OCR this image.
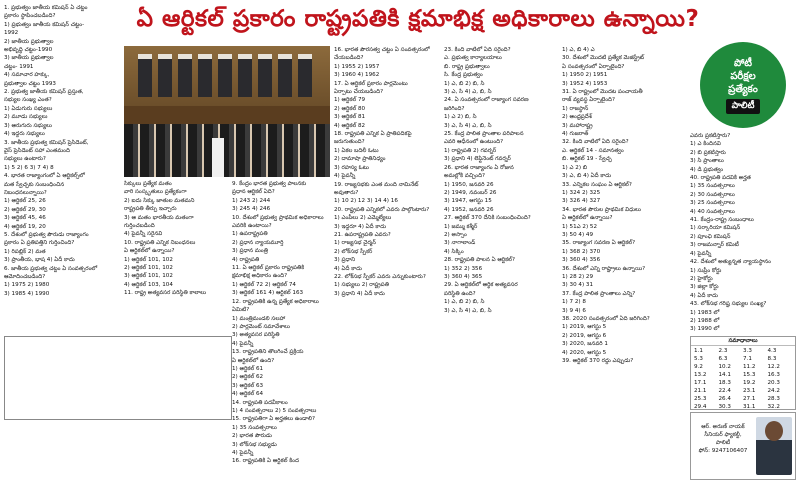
ఏ ఆర్టికల్ ప్రకారం రాష్ట్రపతికి క్షమాభిక్ష అధికారాలు ఉన్నాయి?
పోటీ
పరీక్షల
ప్రత్యేకం
పాలిటీ

1. ప్రభుత్వం జాతీయ కమిషన్ ఏ చట్టం

ప్రకారం స్థాపించబడింది?

1) ప్రభుత్వం జాతీయ కమిషన్ చట్టం-

1992

2) జాతీయ ప్రభుత్వాల

అభివృద్ధి చట్టం-1990

3) జాతీయ ప్రభుత్వాల

చట్టం- 1991

4) సమాచార హక్కు,

ప్రభుత్వాల చట్టం 1993

2. ప్రభుత్వ జాతీయ కమిషన్ ప్రస్తుత,

సభ్యుల సంఖ్య ఎంత?

1) ఏడుగురు సభ్యులు

2) మూడు సభ్యులు

3) ఆరుగురు సభ్యులు

4) ఇద్దరు సభ్యులు

3. జాతీయ ప్రభుత్వ కమిషన్ ప్రెసిడెంట్,

వైస్ ప్రెసిడెంట్ సహా ఎంతమంది

సభ్యులు ఉంటారు?

1) 5 2) 6 3) 7 4) 8

4. భారత రాజ్యాంగంలో ఏ ఆర్టికల్స్‌లో

మత స్వేచ్ఛకు సంబంధించిన

నిబంధనలున్నాయి?

1) ఆర్టికల్ 25, 26

2) ఆర్టికల్ 29, 30

3) ఆర్టికల్ 45, 46

4) ఆర్టికల్ 19, 20

5. దేశంలో ప్రభుత్వ పౌరుడు రాజ్యాంగం

ప్రకారం ఏ ప్రతిపత్తిని గుర్తించింది?

1) రిపబ్లిక్ 2) మత

3) ప్రాంతీయ, భాష 4) ఏదీ కాదు

6. జాతీయ ప్రభుత్వ చట్టం ఏ సంవత్సరంలో

ఆమోదించబడింది?

1) 1975 2) 1980

3) 1985 4) 1990

సిక్కులు ప్రత్యేక మతం

వారి సంస్కృతులు ప్రత్యేకంగా

2) ఐదు సిక్కు జాతుల మతమని

రాష్ట్రపతి తీర్పు ఇచ్చారు

3) ఆ మతం భారతీయ మతంగా

గుర్తించబడింది

4) పైవన్నీ సరైనవి

10. రాష్ట్రపతి ఎన్నిక నిబంధనలు

ఏ ఆర్టికల్‌లో ఉన్నాయి?

1) ఆర్టికల్ 101, 102

2) ఆర్టికల్ 101, 102

3) ఆర్టికల్ 101, 102

4) ఆర్టికల్ 103, 104

11. రాష్ట్ర అత్యవసర పరిస్థితి కాలాలు

9. కేంద్రం భారత ప్రభుత్వ పాలనకు

ప్రధాన ఆర్టికల్ ఏది?

1) 243 2) 244

3) 245 4) 246

10. దేశంలో ప్రభుత్వ ప్రాథమిక అధికారాలు

ఎవరికి ఉంటాయి?

1) ఉపరాష్ట్రపతి

2) ప్రధాన న్యాయమూర్తి

3) ప్రధాన మంత్రి

4) రాష్ట్రపతి

11. ఏ ఆర్టికల్ ప్రకారం రాష్ట్రపతికి

క్షమాభిక్ష అధికారం ఉంది?

1) ఆర్టికల్ 72 2) ఆర్టికల్ 74

3) ఆర్టికల్ 161 4) ఆర్టికల్ 163

12. రాష్ట్రపతికి ఉన్న ప్రత్యేక అధికారాలు

ఏమిటి?

1) మంత్రిమండలి సలహా

2) పార్లమెంట్ సమావేశాలు

3) అత్యవసర పరిస్థితి

4) పైవన్నీ

13. రాష్ట్రపతిని తొలగించే ప్రక్రియ

ఏ ఆర్టికల్‌లో ఉంది?

1) ఆర్టికల్ 61

2) ఆర్టికల్ 62

3) ఆర్టికల్ 63

4) ఆర్టికల్ 64

14. రాష్ట్రపతి పదవీకాలం

1) 4 సంవత్సరాలు 2) 5 సంవత్సరాలు

15. రాష్ట్రపతిగా ఏ అర్హతలు ఉండాలి?

1) 35 సంవత్సరాలు

2) భారత పౌరుడు

3) లోక్‌సభ సభ్యుడు

4) పైవన్నీ

16. రాష్ట్రపతికి ఏ ఆర్టికల్ కింద

16. భారత పౌరసత్వ చట్టం ఏ సంవత్సరంలో

చేయబడింది?

1) 1955 2) 1957

3) 1960 4) 1962

17. ఏ ఆర్టికల్ ప్రకారం పార్లమెంటు

ఏర్పాటు చేయబడింది?

1) ఆర్టికల్ 79

2) ఆర్టికల్ 80

3) ఆర్టికల్ 81

4) ఆర్టికల్ 82

18. రాష్ట్రపతి ఎన్నిక ఏ ప్రాతిపదికపై

జరుగుతుంది?

1) ఏకల బదిలీ ఓటు

2) దామాషా ప్రాతినిధ్యం

3) రహస్య ఓటు

4) పైవన్నీ

19. రాజ్యసభకు ఎంత మంది నామినేట్

అవుతారు?

1) 10 2) 12 3) 14 4) 16

20. రాష్ట్రపతి ఎన్నికలో ఎవరు పాల్గొంటారు?

1) ఎంపీలు 2) ఎమ్మెల్యేలు

3) ఇద్దరూ 4) ఏదీ కాదు

21. ఉపరాష్ట్రపతి ఎవరు?

1) రాజ్యసభ చైర్మన్

2) లోక్‌సభ స్పీకర్

3) ప్రధాని

4) ఏదీ కాదు

22. లోక్‌సభ స్పీకర్ ఎవరు ఎన్నుకుంటారు?

1) సభ్యులు 2) రాష్ట్రపతి

3) ప్రధాని 4) ఏదీ కాదు

23. కింది వాటిలో ఏది సరైంది?

ఎ. ప్రభుత్వ కార్యాలయాలు

బి. రాష్ట్ర ప్రభుత్వాలు

సి. కేంద్ర ప్రభుత్వం

1) ఎ, బి 2) బి, సి

3) ఎ, సి 4) ఎ, బి, సి

24. ఏ సంవత్సరంలో రాజ్యాంగ సవరణ

జరిగింది?

1) ఎ 2) బి, సి

3) ఎ, సి 4) ఎ, బి, సి

25. కేంద్ర పాలిత ప్రాంతాల పరిపాలన

ఎవరి ఆధీనంలో ఉంటుంది?

1) రాష్ట్రపతి 2) గవర్నర్

3) ప్రధాని 4) లెఫ్టినెంట్ గవర్నర్

26. భారత రాజ్యాంగం ఏ రోజున

అమల్లోకి వచ్చింది?

1) 1950, జనవరి 26

2) 1949, నవంబర్ 26

3) 1947, ఆగస్టు 15

4) 1952, జనవరి 26

27. ఆర్టికల్ 370 దేనికి సంబంధించింది?

1) జమ్ము కశ్మీర్

2) అస్సాం

3) నాగాలాండ్

4) సిక్కిం

28. రాష్ట్రపతి పాలన ఏ ఆర్టికల్?

1) 352 2) 356

3) 360 4) 365

29. ఏ ఆర్టికల్‌లో ఆర్థిక అత్యవసర

పరిస్థితి ఉంది?

1) ఎ, బి 2) బి, సి

3) ఎ, సి 4) ఎ, బి, సి

1) ఎ, బి 4) ఎ

30. దేశంలో మొదటి ప్రత్యేక మెజిస్ట్రేట్

ఏ సంవత్సరంలో ఏర్పాటైంది?

1) 1950 2) 1951

3) 1952 4) 1953

31. ఏ రాష్ట్రంలో మొదట పంచాయతీ

రాజ్ వ్యవస్థ ఏర్పాటైంది?

1) రాజస్థాన్

2) ఆంధ్రప్రదేశ్

3) మహారాష్ట్ర

4) గుజరాత్

32. కింది వాటిలో ఏది సరైంది?

ఎ. ఆర్టికల్ 14 - సమానత్వం

బి. ఆర్టికల్ 19 - స్వేచ్ఛ

1) ఎ 2) బి

3) ఎ, బి 4) ఏదీ కాదు

33. ఎన్నికల సంఘం ఏ ఆర్టికల్?

1) 324 2) 325

3) 326 4) 327

34. భారత పౌరుల ప్రాథమిక విధులు

ఏ ఆర్టికల్‌లో ఉన్నాయి?

1) 51ఎ 2) 52

3) 50 4) 49

35. రాజ్యాంగ సవరణ ఏ ఆర్టికల్?

1) 368 2) 370

3) 360 4) 356

36. దేశంలో ఎన్ని రాష్ట్రాలు ఉన్నాయి?

1) 28 2) 29

3) 30 4) 31

37. కేంద్ర పాలిత ప్రాంతాలు ఎన్ని?

1) 7 2) 8

3) 9 4) 6

38. 2020 సంవత్సరంలో ఏది జరిగింది?

1) 2019, ఆగస్టు 5

2) 2019, ఆగస్టు 6

3) 2020, జనవరి 1

4) 2020, ఆగస్టు 5

39. ఆర్టికల్ 370 రద్దు ఎప్పుడు?

ఎవరు ప్రకటిస్తారు?

1) ఎ కిందినవి

2) బి ప్రకటిస్తారు

3) సి ప్రాంతాలు

4) డి ప్రభుత్వం

40. రాష్ట్రపతి పదవికి అర్హత

1) 35 సంవత్సరాలు

2) 30 సంవత్సరాలు

3) 25 సంవత్సరాలు

4) 40 సంవత్సరాలు

41. కేంద్రం-రాష్ట్ర సంబంధాలు

1) సర్కారియా కమిషన్

2) పూంఛి కమిషన్

3) రాజమన్నార్ కమిటీ

4) పైవన్నీ

42. దేశంలో అత్యున్నత న్యాయస్థానం

1) సుప్రీం కోర్టు

2) హైకోర్టు

3) జిల్లా కోర్టు

4) ఏదీ కాదు

43. లోక్‌సభ గరిష్ట సభ్యుల సంఖ్య?

1) 1983 లో

2) 1988 లో

3) 1990 లో

సమాధానాలు
1.1	2.3	3.3	4.3
5.3	6.3	7.1	8.3
9.2	10.2	11.2	12.2
13.2	14.1	15.3	16.3
17.1	18.3	19.2	20.3
21.1	22.4	23.1	24.2
25.3	26.4	27.1	28.3
29.4	30.3	31.1	32.2
ఆర్. అరుణ్ నాయక్
సీనియర్ ఫ్యాకల్టీ,
పాలిటీ
ఫోన్: 9247106407
